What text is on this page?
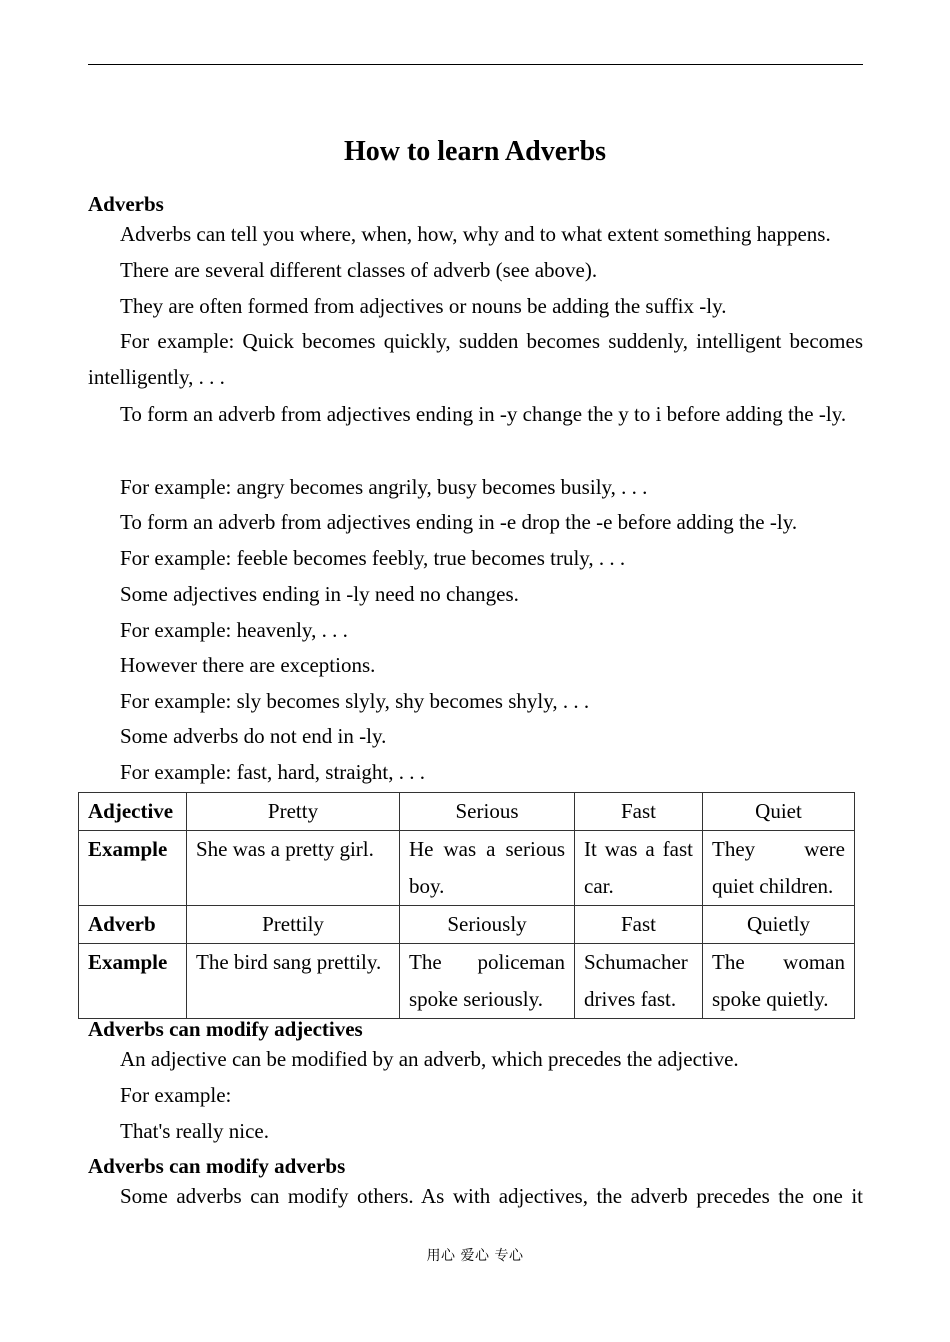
How to learn Adverbs
Adverbs

Adverbs can tell you where, when, how, why and to what extent something happens.

There are several different classes of adverb (see above).

They are often formed from adjectives or nouns be adding the suffix -ly.

For example: Quick becomes quickly, sudden becomes suddenly, intelligent becomes intelligently, . . .

To form an adverb from adjectives ending in -y change the y to i before adding the -ly.

For example: angry becomes angrily, busy becomes busily, . . .

To form an adverb from adjectives ending in -e drop the -e before adding the -ly.

For example: feeble becomes feebly, true becomes truly, . . .

Some adjectives ending in -ly need no changes.

For example: heavenly, . . .

However there are exceptions.

For example: sly becomes slyly, shy becomes shyly, . . .

Some adverbs do not end in -ly.

For example: fast, hard, straight, . . .

Adjective	Pretty	Serious	Fast	Quiet
Example	She was a pretty girl.	He was a serious boy.	It was a fast car.	They were quiet children.
Adverb	Prettily	Seriously	Fast	Quietly
Example	The bird sang prettily.	The policeman spoke seriously.	Schumacher drives fast.	The woman spoke quietly.
Adverbs can modify adjectives

An adjective can be modified by an adverb, which precedes the adjective.

For example:

That's really nice.

Adverbs can modify adverbs

Some adverbs can modify others. As with adjectives, the adverb precedes the one it

用心 爱心 专心
